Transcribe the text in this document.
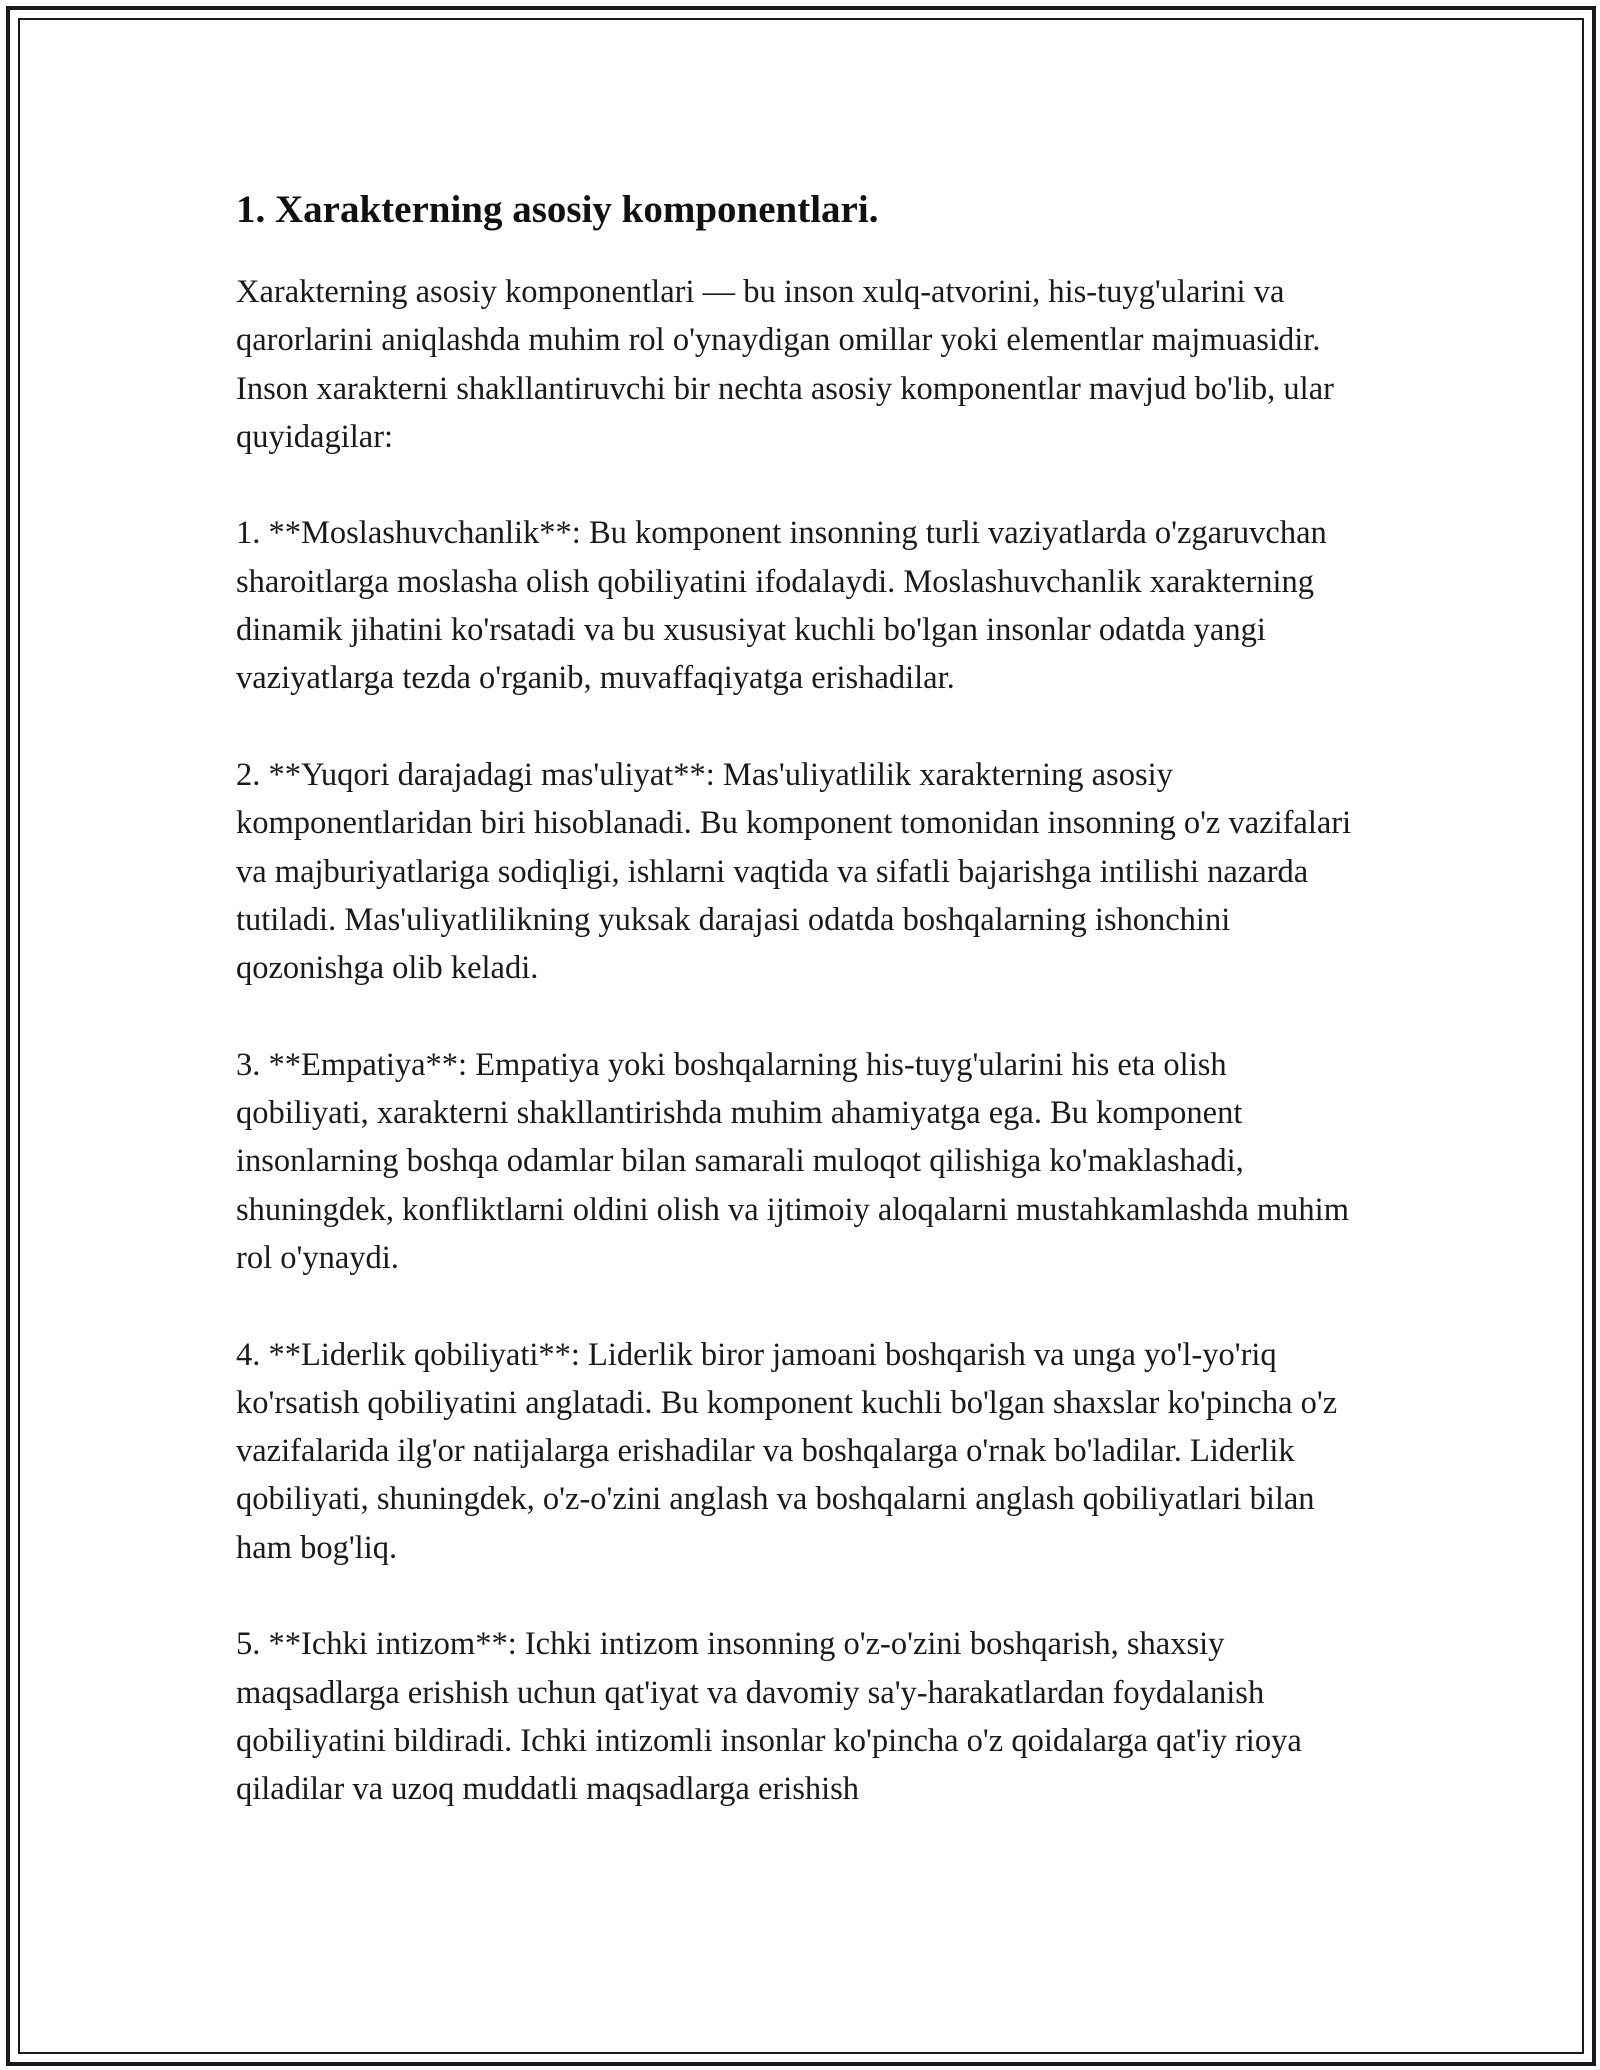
1. Xarakterning asosiy komponentlari.

Xarakterning asosiy komponentlari — bu inson xulq-atvorini, his-tuyg'ularini va qarorlarini aniqlashda muhim rol o'ynaydigan omillar yoki elementlar majmuasidir. Inson xarakterni shakllantiruvchi bir nechta asosiy komponentlar mavjud bo'lib, ular quyidagilar:

1. **Moslashuvchanlik**: Bu komponent insonning turli vaziyatlarda o'zgaruvchan sharoitlarga moslasha olish qobiliyatini ifodalaydi. Moslashuvchanlik xarakterning dinamik jihatini ko'rsatadi va bu xususiyat kuchli bo'lgan insonlar odatda yangi vaziyatlarga tezda o'rganib, muvaffaqiyatga erishadilar.

2. **Yuqori darajadagi mas'uliyat**: Mas'uliyatlilik xarakterning asosiy komponentlaridan biri hisoblanadi. Bu komponent tomonidan insonning o'z vazifalari va majburiyatlariga sodiqligi, ishlarni vaqtida va sifatli bajarishga intilishi nazarda tutiladi. Mas'uliyatlilikning yuksak darajasi odatda boshqalarning ishonchini qozonishga olib keladi.

3. **Empatiya**: Empatiya yoki boshqalarning his-tuyg'ularini his eta olish qobiliyati, xarakterni shakllantirishda muhim ahamiyatga ega. Bu komponent insonlarning boshqa odamlar bilan samarali muloqot qilishiga ko'maklashadi, shuningdek, konfliktlarni oldini olish va ijtimoiy aloqalarni mustahkamlashda muhim rol o'ynaydi.

4. **Liderlik qobiliyati**: Liderlik biror jamoani boshqarish va unga yo'l-yo'riq ko'rsatish qobiliyatini anglatadi. Bu komponent kuchli bo'lgan shaxslar ko'pincha o'z vazifalarida ilg'or natijalarga erishadilar va boshqalarga o'rnak bo'ladilar. Liderlik qobiliyati, shuningdek, o'z-o'zini anglash va boshqalarni anglash qobiliyatlari bilan ham bog'liq.

5. **Ichki intizom**: Ichki intizom insonning o'z-o'zini boshqarish, shaxsiy maqsadlarga erishish uchun qat'iyat va davomiy sa'y-harakatlardan foydalanish qobiliyatini bildiradi. Ichki intizomli insonlar ko'pincha o'z qoidalarga qat'iy rioya qiladilar va uzoq muddatli maqsadlarga erishish
